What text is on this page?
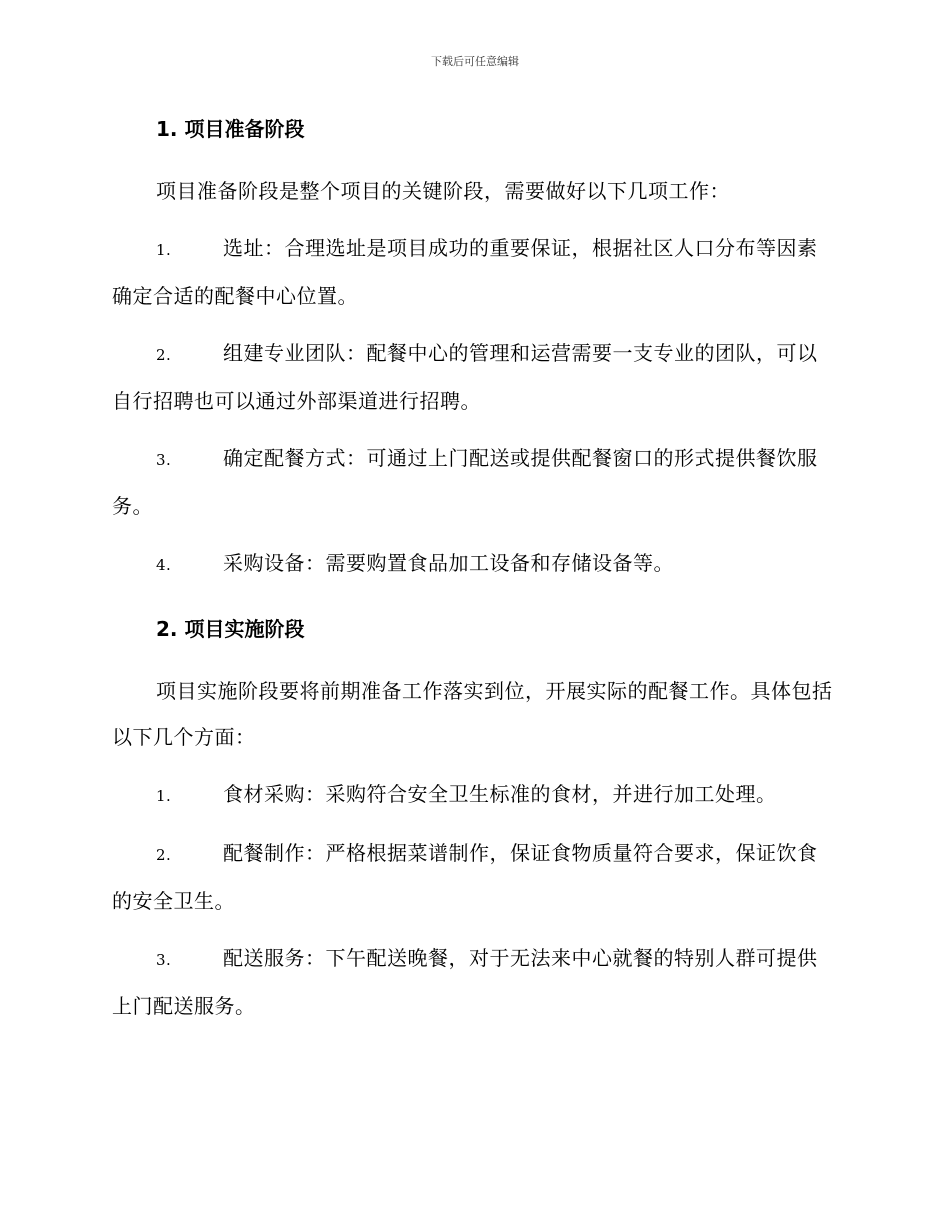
下载后可任意编辑
1. 项目准备阶段

项目准备阶段是整个项目的关键阶段，需要做好以下几项工作：

1.	选址：合理选址是项目成功的重要保证，根据社区人口分布等因素确定合适的配餐中心位置。

2.	组建专业团队：配餐中心的管理和运营需要一支专业的团队，可以自行招聘也可以通过外部渠道进行招聘。

3.	确定配餐方式：可通过上门配送或提供配餐窗口的形式提供餐饮服务。

4.	采购设备：需要购置食品加工设备和存储设备等。

2. 项目实施阶段

项目实施阶段要将前期准备工作落实到位，开展实际的配餐工作。具体包括以下几个方面：

1.	食材采购：采购符合安全卫生标准的食材，并进行加工处理。

2.	配餐制作：严格根据菜谱制作，保证食物质量符合要求，保证饮食的安全卫生。

3.	配送服务：下午配送晚餐，对于无法来中心就餐的特别人群可提供上门配送服务。
